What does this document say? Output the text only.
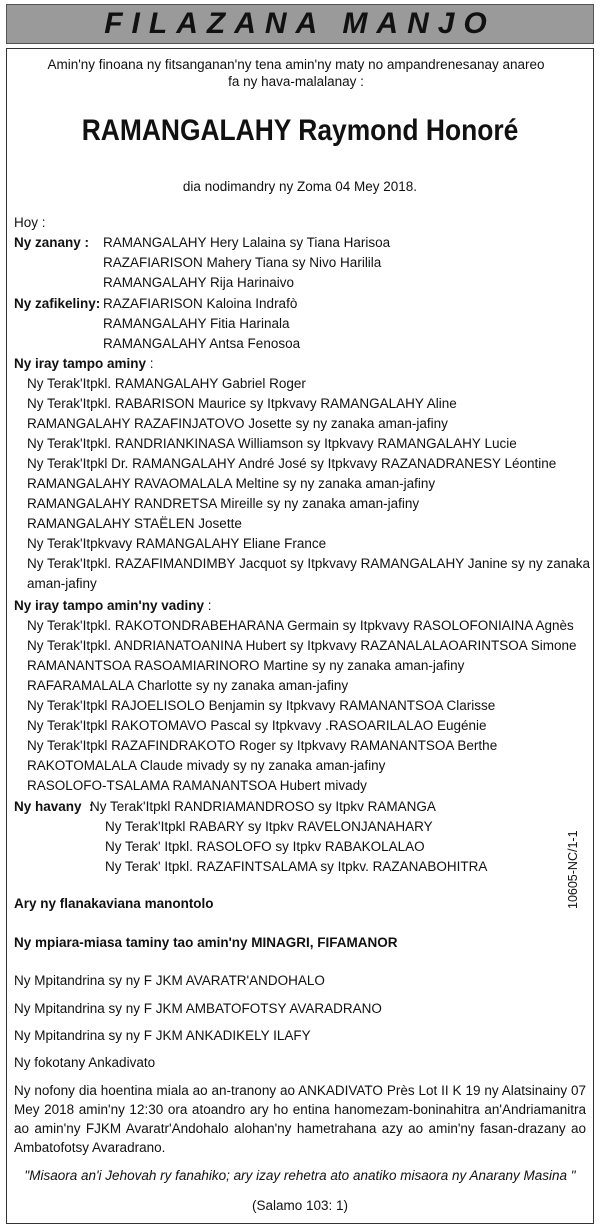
FILAZANA MANJO
Amin'ny finoana ny fitsanganan'ny tena amin'ny maty no ampandrenesanay anareo fa ny hava-malalanay :
RAMANGALAHY Raymond Honoré
dia nodimandry ny Zoma 04 Mey 2018.
Hoy :
Ny zanany : RAMANGALAHY Hery Lalaina sy Tiana Harisoa
RAZAFIARISON Mahery Tiana sy Nivo Harilila
RAMANGALAHY Rija Harinaivo
Ny zafikeliny: RAZAFIARISON Kaloina Indrafò
RAMANGALAHY Fitia Harinala
RAMANGALAHY Antsa Fenosoa
Ny iray tampo aminy :
Ny Terak'Itpkl. RAMANGALAHY Gabriel Roger
Ny Terak'Itpkl. RABARISON Maurice sy Itpkvavy RAMANGALAHY Aline
RAMANGALAHY RAZAFINJATOVO Josette sy ny zanaka aman-jafiny
Ny Terak'Itpkl. RANDRIANKINASA Williamson sy Itpkvavy RAMANGALAHY Lucie
Ny Terak'Itpkl Dr. RAMANGALAHY André José sy Itpkvavy RAZANADRANESY Léontine
RAMANGALAHY RAVAOMALALA Meltine sy ny zanaka aman-jafiny
RAMANGALAHY RANDRETSA Mireille sy ny zanaka aman-jafiny
RAMANGALAHY STAËLEN Josette
Ny Terak'Itpkvavy RAMANGALAHY Eliane France
Ny Terak'Itpkl. RAZAFIMANDIMBY Jacquot sy Itpkvavy RAMANGALAHY Janine sy ny zanaka
aman-jafiny
Ny iray tampo amin'ny vadiny :
Ny Terak'Itpkl. RAKOTONDRABEHARANA Germain sy Itpkvavy RASOLOFONIAINA Agnès
Ny Terak'Itpkl. ANDRIANATOANINA Hubert sy Itpkvavy RAZANALALAOARINTSOA Simone
RAMANANTSOA RASOAMIARINORO Martine sy ny zanaka aman-jafiny
RAFARAMALALA Charlotte sy ny zanaka aman-jafiny
Ny Terak'Itpkl RAJOELISOLO Benjamin sy Itpkvavy RAMANANTSOA Clarisse
Ny Terak'Itpkl RAKOTOMAVO Pascal sy Itpkvavy .RASOARILALAO Eugénie
Ny Terak'Itpkl RAZAFINDRAKOTO Roger sy Itpkvavy RAMANANTSOA Berthe
RAKOTOMALALA Claude mivady sy ny zanaka aman-jafiny
RASOLOFO-TSALAMA RAMANANTSOA Hubert mivady
Ny havany  :
Ny Terak'Itpkl RANDRIAMANDROSO sy Itpkv RAMANGA
Ny Terak'Itpkl RABARY sy Itpkv RAVELONJANAHARY
Ny Terak' Itpkl. RASOLOFO sy Itpkv RABAKOLALAO
Ny Terak' Itpkl. RAZAFINTSALAMA sy Itpkv. RAZANABOHITRA
Ary ny flanakaviana manontolo
Ny mpiara-miasa taminy tao amin'ny MINAGRI, FIFAMANOR
Ny Mpitandrina sy ny F JKM AVARATR'ANDOHALO
Ny Mpitandrina sy ny F JKM AMBATOFOTSY AVARADRANO
Ny Mpitandrina sy ny F JKM ANKADIKELY ILAFY
Ny fokotany Ankadivato
Ny nofony dia hoentina miala ao an-tranony ao ANKADIVATO Près Lot II K 19 ny Alatsinainy 07 Mey 2018 amin'ny 12:30 ora atoandro ary ho entina hanomezam-boninahitra an'Andriamanitra ao amin'ny FJKM Avaratr'Andohalo alohan'ny hametrahana azy ao amin'ny fasan-drazany ao Ambatofotsy Avaradrano.
"Misaora an'i Jehovah ry fanahiko; ary izay rehetra ato anatiko misaora ny Anarany Masina "
(Salamo 103: 1)
10605-NC/1-1
